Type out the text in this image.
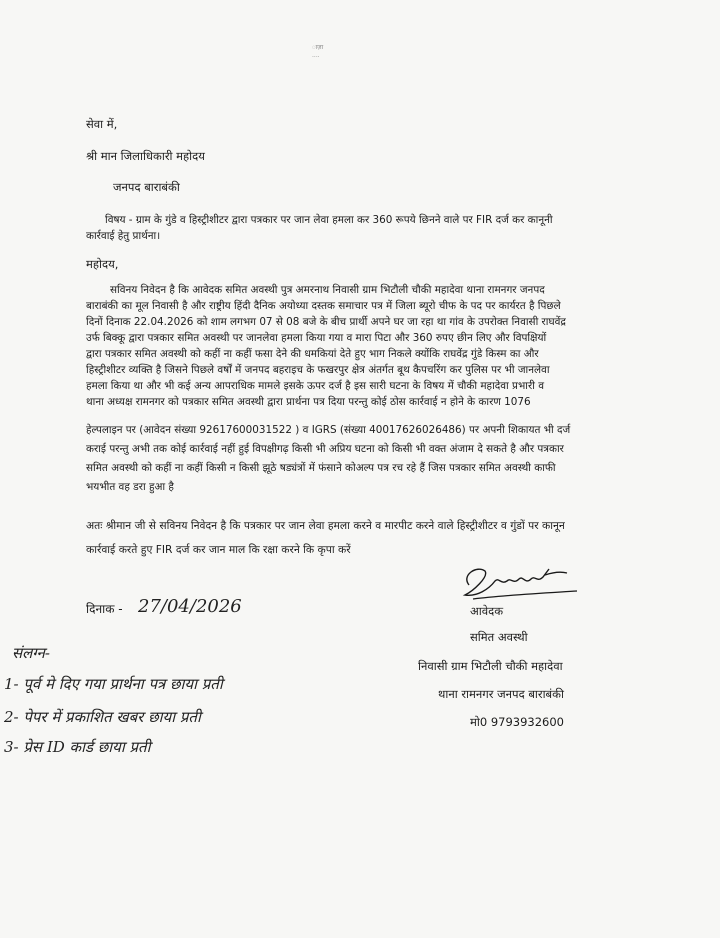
ाज़ा
....
सेवा में,
श्री मान जिलाधिकारी महोदय
जनपद बाराबंकी
विषय - ग्राम के गुंडे व हिस्ट्रीशीटर द्वारा पत्रकार पर जान लेवा हमला कर 360 रूपये छिनने वाले पर FIR दर्ज कर कानूनी
कार्रवाई हेतु प्रार्थना।
महोदय,
सविनय निवेदन है कि आवेदक समित अवस्थी पुत्र अमरनाथ निवासी ग्राम भिटौली चौकी महादेवा थाना रामनगर जनपद
बाराबंकी का मूल निवासी है और राष्ट्रीय हिंदी दैनिक अयोध्या दस्तक समाचार पत्र में जिला ब्यूरो चीफ के पद पर कार्यरत है पिछले
दिनों दिनाक 22.04.2026 को शाम लगभग 07 से 08 बजे के बीच प्रार्थी अपने घर जा रहा था गांव के उपरोक्त निवासी राघवेंद्र
उर्फ बिक्कू द्वारा पत्रकार समित अवस्थी पर जानलेवा हमला किया गया व मारा पिटा और 360 रुपए छीन लिए और विपक्षियों
द्वारा पत्रकार समित अवस्थी को कहीं ना कहीं फसा देने की धमकियां देते हुए भाग निकले क्योंकि राघवेंद्र गुंडे किस्म का और
हिस्ट्रीशीटर व्यक्ति है जिसने पिछले वर्षों में जनपद बहराइच के फखरपुर क्षेत्र अंतर्गत बूथ कैपचरिंग कर पुलिस पर भी जानलेवा
हमला किया था और भी कई अन्य आपराधिक मामले इसके ऊपर दर्ज है इस सारी घटना के विषय में चौकी महादेवा प्रभारी व
थाना अध्यक्ष रामनगर को पत्रकार समित अवस्थी द्वारा प्रार्थना पत्र दिया परन्तु कोई ठोस कार्रवाई न होने के कारण 1076
हेल्पलाइन पर (आवेदन संख्या 92617600031522 ) व IGRS (संख्या 40017626026486) पर अपनी शिकायत भी दर्ज
कराई परन्तु अभी तक कोई कार्रवाई नहीं हुई विपक्षीगढ़ किसी भी अप्रिय घटना को किसी भी वक्त अंजाम दे सकते है और पत्रकार
समित अवस्थी को कहीं ना कहीं किसी न किसी झूठे षड्यंत्रों में फंसाने कोअल्प पत्र रच रहे हैं जिस पत्रकार समित अवस्थी काफी
भयभीत वह डरा हुआ है
अतः श्रीमान जी से सविनय निवेदन है कि पत्रकार पर जान लेवा हमला करने व मारपीट करने वाले हिस्ट्रीशीटर व गुंडों पर कानून
कार्रवाई करते हुए FIR दर्ज कर जान माल कि रक्षा करने कि कृपा करें
दिनाक - 27/04/2026	आवेदक
समित अवस्थी
निवासी ग्राम भिटौली चौकी महादेवा
थाना रामनगर जनपद बाराबंकी
मो0 9793932600
संलग्न-
1- पूर्व मे दिए गया प्रार्थना पत्र छाया प्रती
2- पेपर में प्रकाशित खबर छाया प्रती
3- प्रेस ID कार्ड छाया प्रती
